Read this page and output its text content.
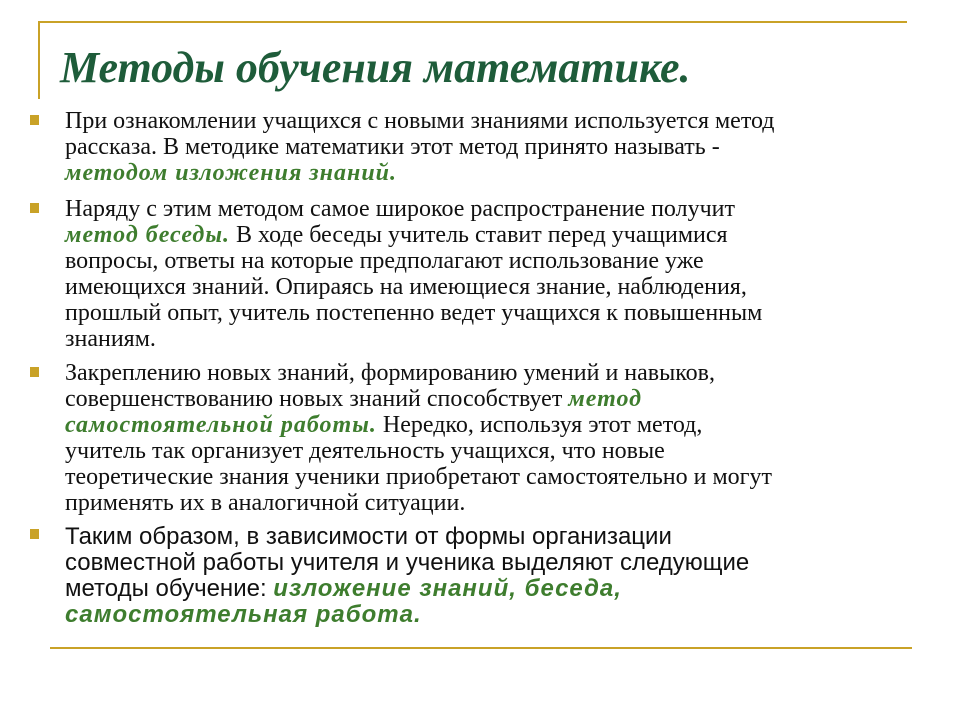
Методы обучения математике.
При ознакомлении учащихся с новыми знаниями используется метод
рассказа. В методике математики этот метод принято называть -
методом изложения знаний.
Наряду с этим методом самое широкое распространение получит
метод беседы. В ходе беседы учитель ставит перед учащимися
вопросы, ответы на которые предполагают использование уже
имеющихся знаний. Опираясь на имеющиеся знание, наблюдения,
прошлый опыт, учитель постепенно ведет учащихся к повышенным
знаниям.
Закреплению новых знаний, формированию умений и навыков,
совершенствованию новых знаний способствует метод
самостоятельной работы. Нередко, используя этот метод,
учитель так организует деятельность учащихся, что новые
теоретические знания ученики приобретают самостоятельно и могут
применять их в аналогичной ситуации.
Таким образом, в зависимости от формы организации
совместной работы учителя и ученика выделяют следующие
методы обучение: изложение знаний, беседа,
самостоятельная работа.
